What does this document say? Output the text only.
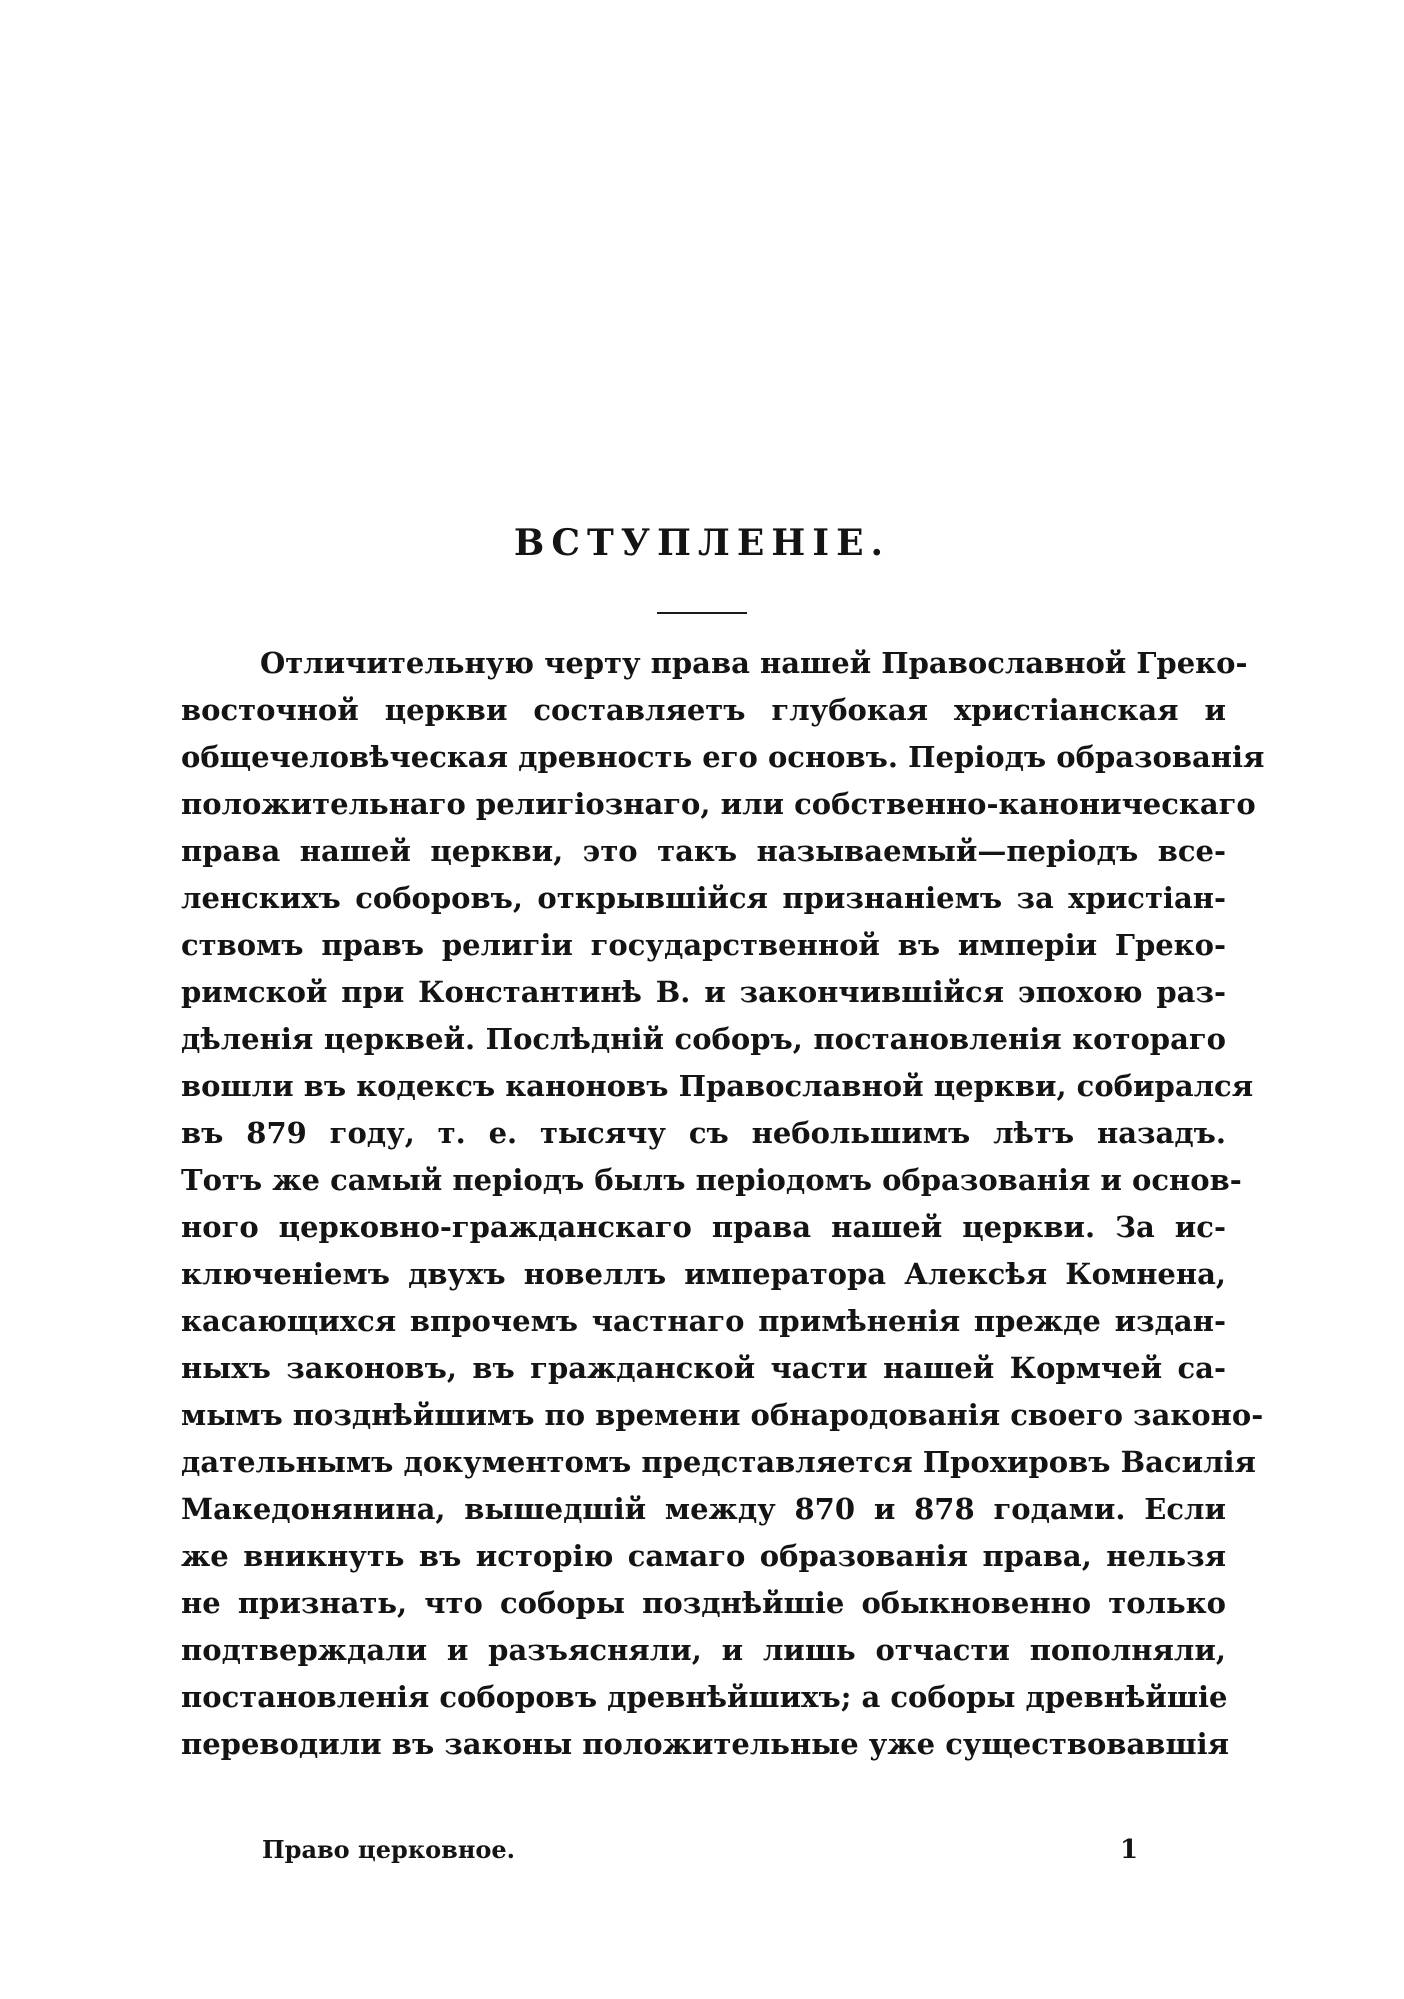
ВСТУПЛЕНІЕ.
Отличительную черту права нашей Православной Греко-
восточной церкви составляетъ глубокая христіанская и
общечеловѣческая древность его основъ. Періодъ образованія
положительнаго религіознаго, или собственно-каноническаго
права нашей церкви, это такъ называемый—періодъ все-
ленскихъ соборовъ, открывшійся признаніемъ за христіан-
ствомъ правъ религіи государственной въ имперіи Греко-
римской при Константинѣ В. и закончившійся эпохою раз-
дѣленія церквей. Послѣдній соборъ, постановленія котораго
вошли въ кодексъ каноновъ Православной церкви, собирался
въ 879 году, т. е. тысячу съ небольшимъ лѣтъ назадъ.
Тотъ же самый періодъ былъ періодомъ образованія и основ-
ного церковно-гражданскаго права нашей церкви. За ис-
ключеніемъ двухъ новеллъ императора Алексѣя Комнена,
касающихся впрочемъ частнаго примѣненія прежде издан-
ныхъ законовъ, въ гражданской части нашей Кормчей са-
мымъ позднѣйшимъ по времени обнародованія своего законо-
дательнымъ документомъ представляется Прохировъ Василія
Македонянина, вышедшій между 870 и 878 годами. Если
же вникнуть въ исторію самаго образованія права, нельзя
не признать, что соборы позднѣйшіе обыкновенно только
подтверждали и разъясняли, и лишь отчасти пополняли,
постановленія соборовъ древнѣйшихъ; а соборы древнѣйшіе
переводили въ законы положительные уже существовавшія
Право церковное.	1
